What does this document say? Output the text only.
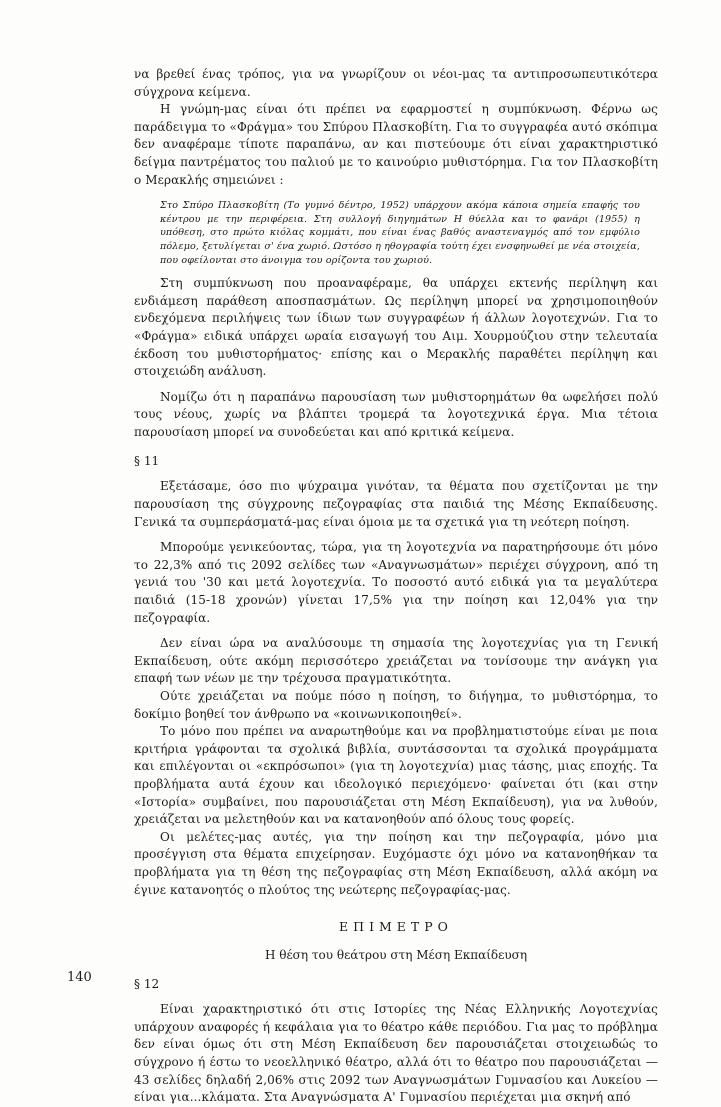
να βρεθεί ένας τρόπος, για να γνωρίζουν οι νέοι-μας τα αντιπροσωπευτικότερα σύγχρονα κείμενα.

Η γνώμη-μας είναι ότι πρέπει να εφαρμοστεί η συμπύκνωση. Φέρνω ως παράδειγμα το «Φράγμα» του Σπύρου Πλασκοβίτη. Για το συγγραφέα αυτό σκόπιμα δεν αναφέραμε τίποτε παραπάνω, αν και πιστεύουμε ότι είναι χαρακτηριστικό δείγμα παντρέματος του παλιού με το καινούριο μυθιστόρημα. Για τον Πλασκοβίτη ο Μερακλής σημειώνει :

Στο Σπύρο Πλασκοβίτη (Το γυμνό δέντρο, 1952) υπάρχουν ακόμα κάποια σημεία επαφής του κέντρου με την περιφέρεια. Στη συλλογή διηγημάτων Η θύελλα και το φανάρι (1955) η υπόθεση, στο πρώτο κιόλας κομμάτι, που είναι ένας βαθύς αναστεναγμός από τον εμφύλιο πόλεμο, ξετυλίγεται σ' ένα χωριό. Ωστόσο η ηθογραφία τούτη έχει ενσφηνωθεί με νέα στοιχεία, που οφείλονται στο άνοιγμα του ορίζοντα του χωριού.

Στη συμπύκνωση που προαναφέραμε, θα υπάρχει εκτενής περίληψη και ενδιάμεση παράθεση αποσπασμάτων. Ως περίληψη μπορεί να χρησιμοποιηθούν ενδεχόμενα περιλήψεις των ίδιων των συγγραφέων ή άλλων λογοτεχνών. Για το «Φράγμα» ειδικά υπάρχει ωραία εισαγωγή του Αιμ. Χουρμούζιου στην τελευταία έκδοση του μυθιστορήματος· επίσης και ο Μερακλής παραθέτει περίληψη και στοιχειώδη ανάλυση.

Νομίζω ότι η παραπάνω παρουσίαση των μυθιστορημάτων θα ωφελήσει πολύ τους νέους, χωρίς να βλάπτει τρομερά τα λογοτεχνικά έργα. Μια τέτοια παρουσίαση μπορεί να συνοδεύεται και από κριτικά κείμενα.

§ 11

Εξετάσαμε, όσο πιο ψύχραιμα γινόταν, τα θέματα που σχετίζονται με την παρουσίαση της σύγχρονης πεζογραφίας στα παιδιά της Μέσης Εκπαίδευσης. Γενικά τα συμπεράσματά-μας είναι όμοια με τα σχετικά για τη νεότερη ποίηση.

Μπορούμε γενικεύοντας, τώρα, για τη λογοτεχνία να παρατηρήσουμε ότι μόνο το 22,3% από τις 2092 σελίδες των «Αναγνωσμάτων» περιέχει σύγχρονη, από τη γενιά του '30 και μετά λογοτεχνία. Το ποσοστό αυτό ειδικά για τα μεγαλύτερα παιδιά (15-18 χρονών) γίνεται 17,5% για την ποίηση και 12,04% για την πεζογραφία.

Δεν είναι ώρα να αναλύσουμε τη σημασία της λογοτεχνίας για τη Γενική Εκπαίδευση, ούτε ακόμη περισσότερο χρειάζεται να τονίσουμε την ανάγκη για επαφή των νέων με την τρέχουσα πραγματικότητα.

Ούτε χρειάζεται να πούμε πόσο η ποίηση, το διήγημα, το μυθιστόρημα, το δοκίμιο βοηθεί τον άνθρωπο να «κοινωνικοποιηθεί».

Το μόνο που πρέπει να αναρωτηθούμε και να προβληματιστούμε είναι με ποια κριτήρια γράφονται τα σχολικά βιβλία, συντάσσονται τα σχολικά προγράμματα και επιλέγονται οι «εκπρόσωποι» (για τη λογοτεχνία) μιας τάσης, μιας εποχής. Τα προβλήματα αυτά έχουν και ιδεολογικό περιεχόμενο· φαίνεται ότι (και στην «Ιστορία» συμβαίνει, που παρουσιάζεται στη Μέση Εκπαίδευση), για να λυθούν, χρειάζεται να μελετηθούν και να κατανοηθούν από όλους τους φορείς.

Οι μελέτες-μας αυτές, για την ποίηση και την πεζογραφία, μόνο μια προσέγγιση στα θέματα επιχείρησαν. Ευχόμαστε όχι μόνο να κατανοηθήκαν τα προβλήματα για τη θέση της πεζογραφίας στη Μέση Εκπαίδευση, αλλά ακόμη να έγινε κατανοητός ο πλούτος της νεώτερης πεζογραφίας-μας.

ΕΠΙΜΕΤΡΟ
Η θέση του θεάτρου στη Μέση Εκπαίδευση
§ 12

Είναι χαρακτηριστικό ότι στις Ιστορίες της Νέας Ελληνικής Λογοτεχνίας υπάρχουν αναφορές ή κεφάλαια για το θέατρο κάθε περιόδου. Για μας το πρόβλημα δεν είναι όμως ότι στη Μέση Εκπαίδευση δεν παρουσιάζεται στοιχειωδώς το σύγχρονο ή έστω το νεοελληνικό θέατρο, αλλά ότι το θέατρο που παρουσιάζεται — 43 σελίδες δηλαδή 2,06% στις 2092 των Αναγνωσμάτων Γυμνασίου και Λυκείου — είναι για...κλάματα. Στα Αναγνώσματα Α' Γυμνασίου περιέχεται μια σκηνή από

140
